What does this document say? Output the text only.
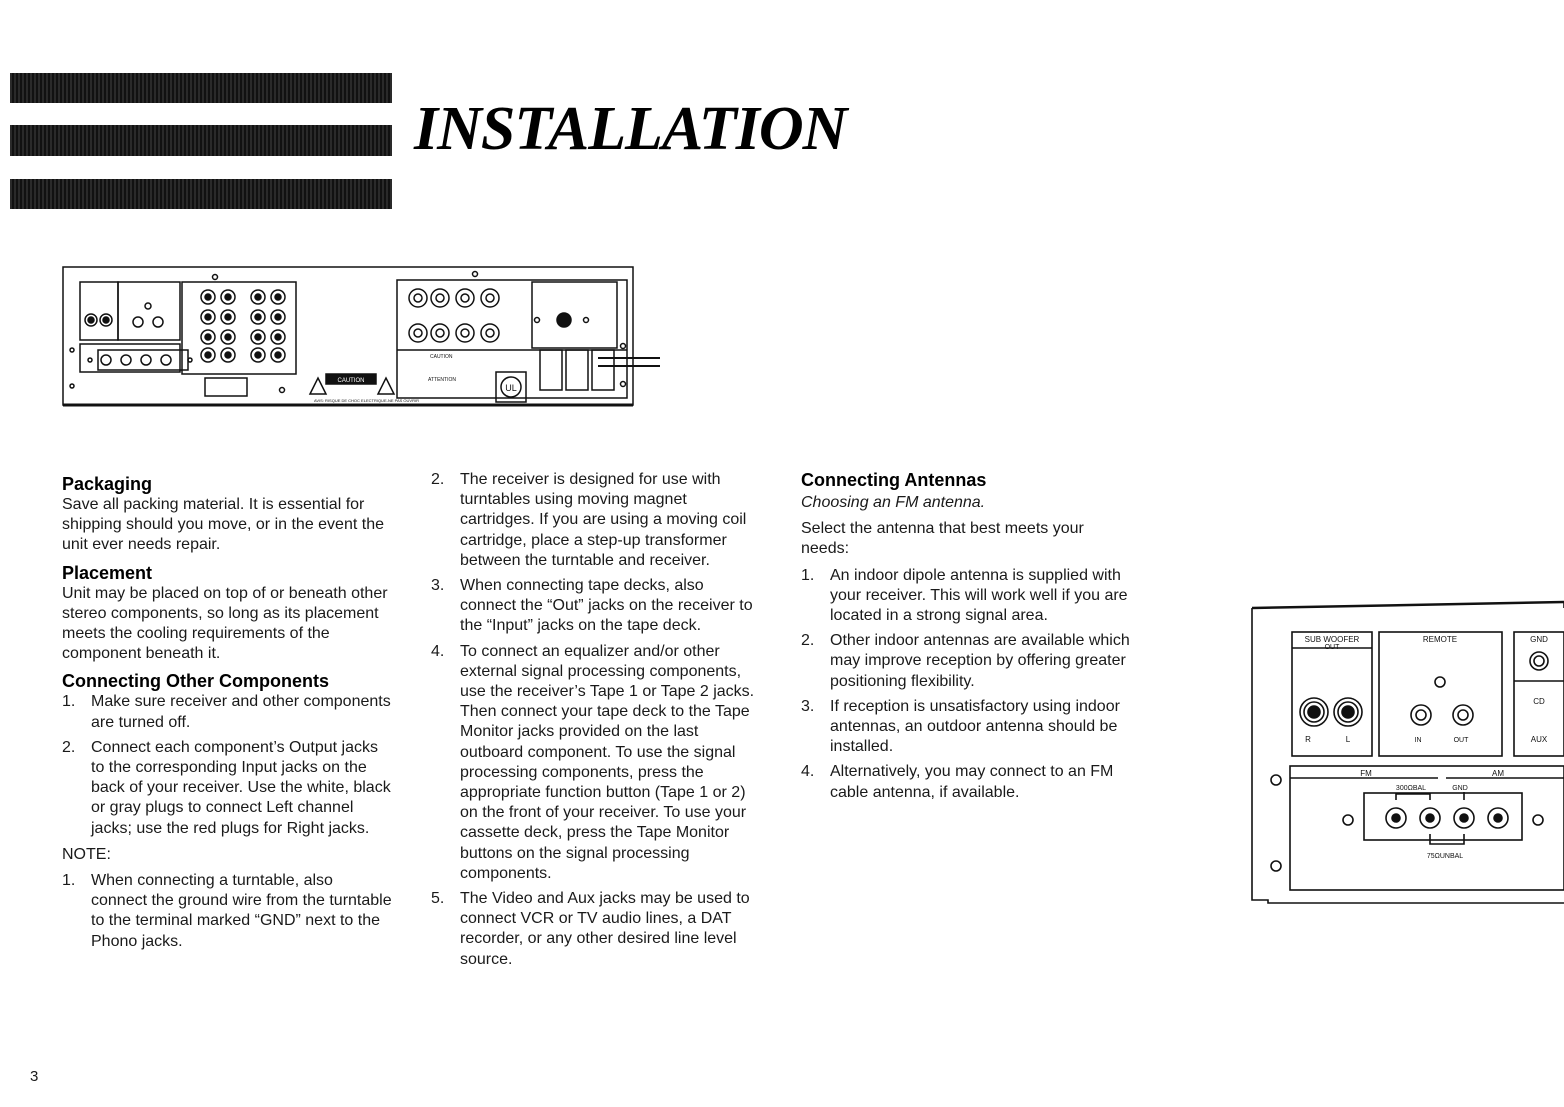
INSTALLATION
CAUTION
AVIS: RISQUE DE CHOC ELECTRIQUE-NE PAS OUVRIR
CAUTION
ATTENTION
UL
Packaging

Save all packing material. It is essential for shipping should you move, or in the event the unit ever needs repair.

Placement

Unit may be placed on top of or beneath other stereo components, so long as its placement meets the cooling requirements of the component beneath it.

Connecting Other Components
1. Make sure receiver and other components are turned off.
2. Connect each component’s Output jacks to the corresponding Input jacks on the back of your receiver. Use the white, black or gray plugs to connect Left channel jacks; use the red plugs for Right jacks.

NOTE:

1. When connecting a turntable, also connect the ground wire from the turntable to the terminal marked “GND” next to the Phono jacks.
2. The receiver is designed for use with turntables using moving magnet cartridges. If you are using a moving coil cartridge, place a step-up transformer between the turntable and receiver.
3. When connecting tape decks, also connect the “Out” jacks on the receiver to the “Input” jacks on the tape deck.
4. To connect an equalizer and/or other external signal processing components, use the receiver’s Tape 1 or Tape 2 jacks. Then connect your tape deck to the Tape Monitor jacks provided on the last outboard component. To use the signal processing components, press the appropriate function button (Tape 1 or 2) on the front of your receiver. To use your cassette deck, press the Tape Monitor buttons on the signal processing components.
5. The Video and Aux jacks may be used to connect VCR or TV audio lines, a DAT recorder, or any other desired line level source.
Connecting Antennas

Choosing an FM antenna.

Select the antenna that best meets your needs:

1. An indoor dipole antenna is supplied with your receiver. This will work well if you are located in a strong signal area.
2. Other indoor antennas are available which may improve reception by offering greater positioning flexibility.
3. If reception is unsatisfactory using indoor antennas, an outdoor antenna should be installed.
4. Alternatively, you may connect to an FM cable antenna, if available.
SUB WOOFER
OUT
REMOTE	GND
CD
AUX
R	L	IN	OUT
FM	AM
300ΩBAL	GND
75ΩUNBAL
3
